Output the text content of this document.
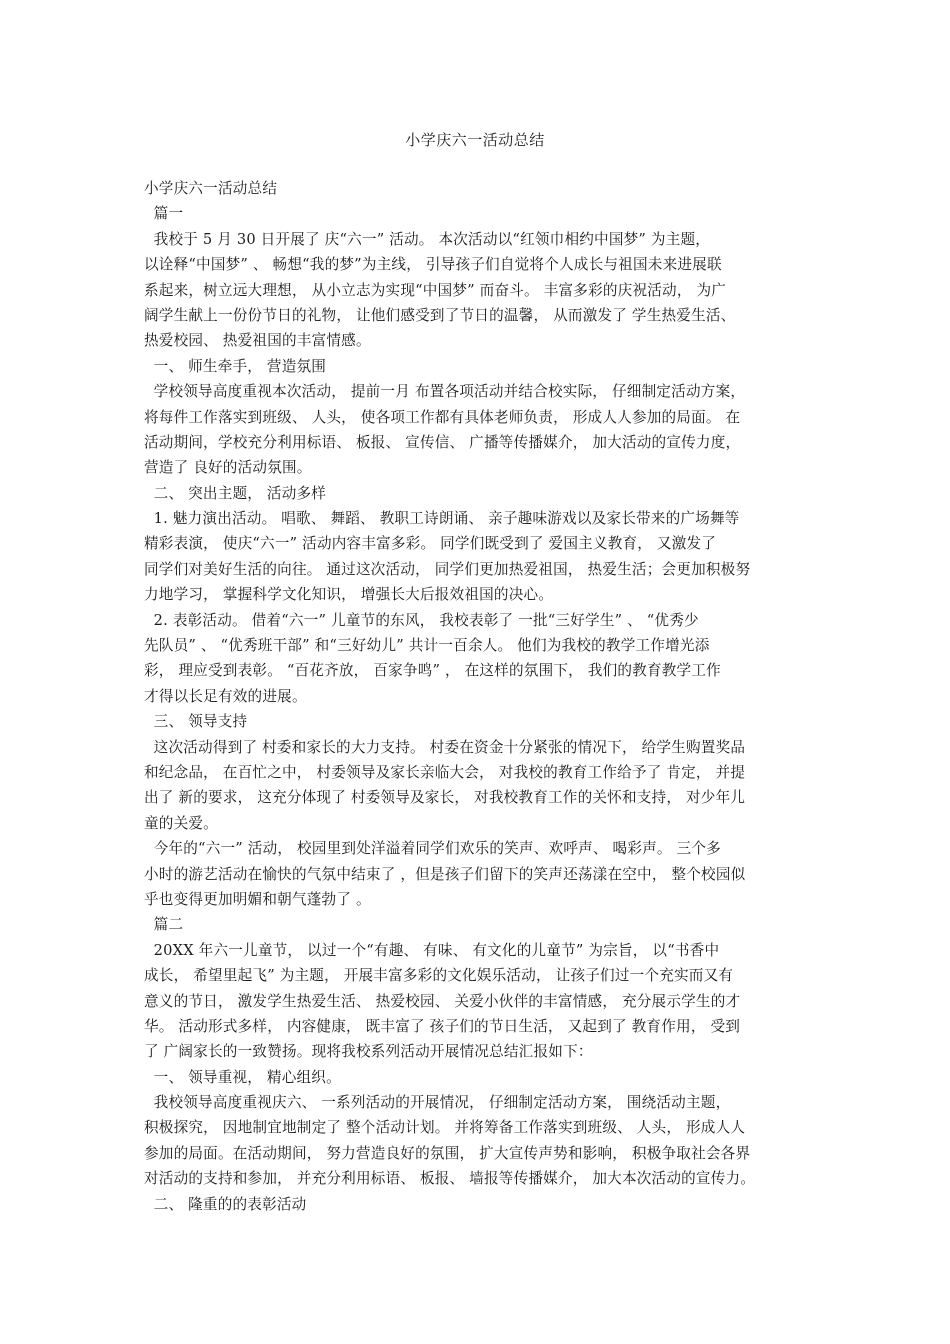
小学庆六一活动总结
小学庆六一活动总结
篇一
我校于 5 月 30 日开展了 庆“六一” 活动。 本次活动以“红领巾相约中国梦” 为主题，
以诠释“中国梦” 、 畅想“我的梦”为主线， 引导孩子们自觉将个人成长与祖国未来进展联
系起来，树立远大理想， 从小立志为实现“中国梦” 而奋斗。 丰富多彩的庆祝活动， 为广
阔学生献上一份份节日的礼物， 让他们感受到了节日的温馨， 从而激发了 学生热爱生活、
热爱校园、 热爱祖国的丰富情感。
一、 师生牵手， 营造氛围
学校领导高度重视本次活动， 提前一月 布置各项活动并结合校实际， 仔细制定活动方案，
将每件工作落实到班级、 人头， 使各项工作都有具体老师负责， 形成人人参加的局面。 在
活动期间，学校充分利用标语、 板报、 宣传信、 广播等传播媒介， 加大活动的宣传力度，
营造了 良好的活动氛围。
二、 突出主题， 活动多样
1. 魅力演出活动。 唱歌、 舞蹈、 教职工诗朗诵、 亲子趣味游戏以及家长带来的广场舞等
精彩表演， 使庆“六一” 活动内容丰富多彩。 同学们既受到了 爱国主义教育， 又激发了
同学们对美好生活的向往。 通过这次活动， 同学们更加热爱祖国， 热爱生活；会更加积极努
力地学习， 掌握科学文化知识， 增强长大后报效祖国的决心。
2. 表彰活动。 借着“六一” 儿童节的东风， 我校表彰了 一批“三好学生” 、 “优秀少
先队员” 、 “优秀班干部” 和“三好幼儿” 共计一百余人。 他们为我校的教学工作增光添
彩， 理应受到表彰。 “百花齐放， 百家争鸣” ， 在这样的氛围下， 我们的教育教学工作
才得以长足有效的进展。
三、 领导支持
这次活动得到了 村委和家长的大力支持。 村委在资金十分紧张的情况下， 给学生购置奖品
和纪念品， 在百忙之中， 村委领导及家长亲临大会， 对我校的教育工作给予了 肯定， 并提
出了 新的要求， 这充分体现了 村委领导及家长， 对我校教育工作的关怀和支持， 对少年儿
童的关爱。
今年的“六一” 活动， 校园里到处洋溢着同学们欢乐的笑声、欢呼声、 喝彩声。 三个多
小时的游艺活动在愉快的气氛中结束了 ，但是孩子们留下的笑声还荡漾在空中， 整个校园似
乎也变得更加明媚和朝气蓬勃了 。
篇二
20XX 年六一儿童节， 以过一个“有趣、 有味、 有文化的儿童节” 为宗旨， 以“书香中
成长， 希望里起飞” 为主题， 开展丰富多彩的文化娱乐活动， 让孩子们过一个充实而又有
意义的节日， 激发学生热爱生活、 热爱校园、 关爱小伙伴的丰富情感， 充分展示学生的才
华。 活动形式多样， 内容健康， 既丰富了 孩子们的节日生活， 又起到了 教育作用， 受到
了 广阔家长的一致赞扬。现将我校系列活动开展情况总结汇报如下：
一、 领导重视， 精心组织。
我校领导高度重视庆六、 一系列活动的开展情况， 仔细制定活动方案， 围绕活动主题，
积极探究， 因地制宜地制定了 整个活动计划。 并将筹备工作落实到班级、 人头， 形成人人
参加的局面。在活动期间， 努力营造良好的氛围， 扩大宣传声势和影响， 积极争取社会各界
对活动的支持和参加， 并充分利用标语、 板报、 墙报等传播媒介， 加大本次活动的宣传力。
二、 隆重的的表彰活动
